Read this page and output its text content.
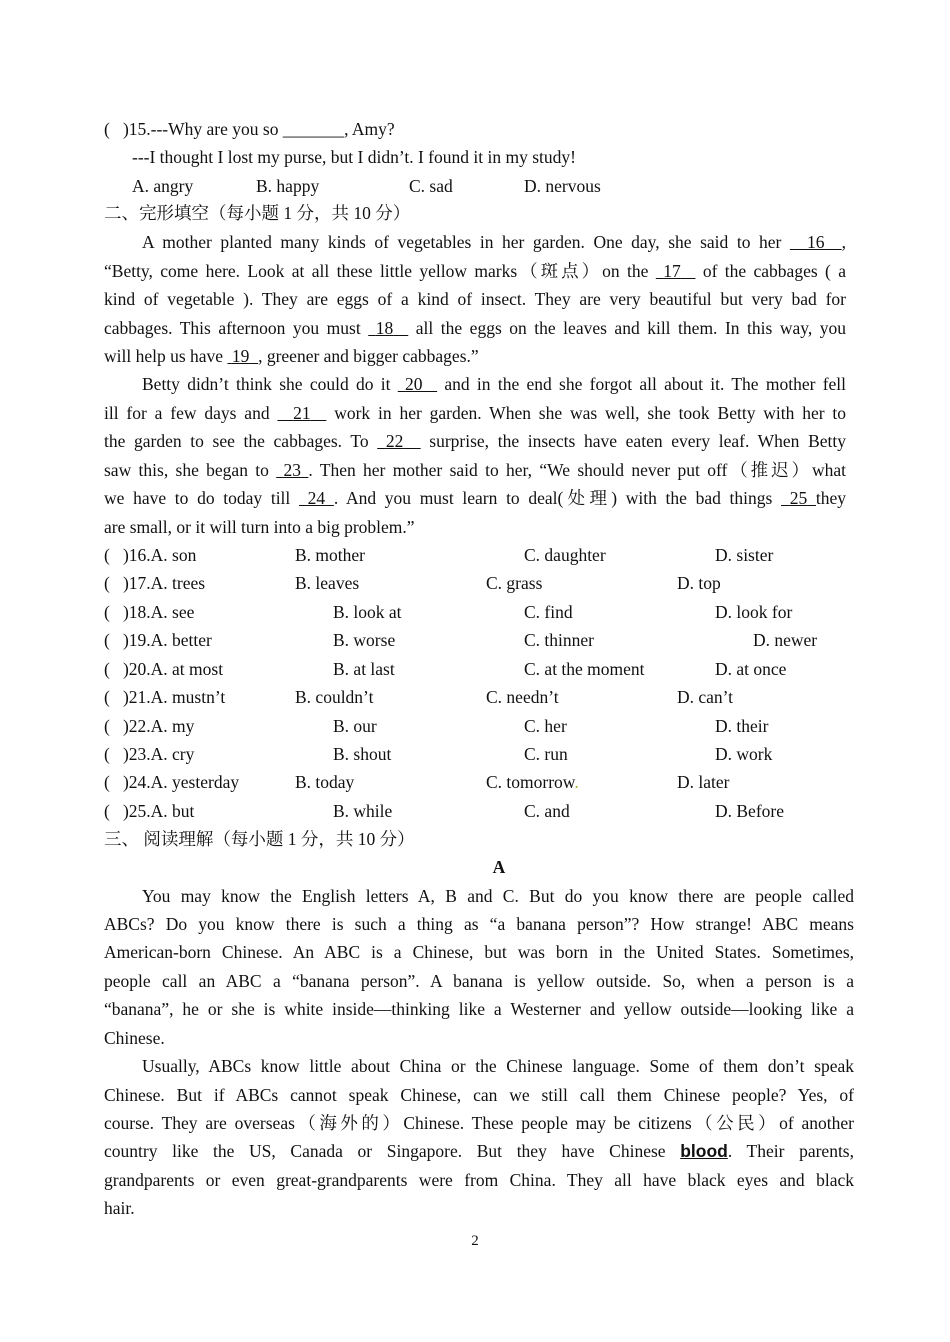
(   )15.---Why are you so _______, Amy?
---I thought I lost my purse, but I didn’t. I found it in my study!
A. angry	B. happy	C. sad	D. nervous
二、完形填空（每小题 1 分，共 10 分）
A mother planted many kinds of vegetables in her garden. One day, she said to her 16 ,
“Betty, come here. Look at all these little yellow marks（斑点）on the 17 of the cabbages ( a
kind of vegetable ). They are eggs of a kind of insect. They are very beautiful but very bad for
cabbages. This afternoon you must 18 all the eggs on the leaves and kill them. In this way, you
will help us have 19 , greener and bigger cabbages.”
Betty didn’t think she could do it 20 and in the end she forgot all about it. The mother fell
ill for a few days and 21 work in her garden. When she was well, she took Betty with her to
the garden to see the cabbages. To 22 surprise, the insects have eaten every leaf. When Betty
saw this, she began to 23 . Then her mother said to her, “We should never put off（推迟）what
we have to do today till 24 . And you must learn to deal(处理) with the bad things 25 they
are small, or it will turn into a big problem.”
(   )16.A. son	B. mother	C. daughter	D. sister
(   )17.A. trees	B. leaves	C. grass	D. top
(   )18.A. see	B. look at	C. find	D. look for
(   )19.A. better	B. worse	C. thinner	D. newer
(   )20.A. at most	B. at last	C. at the moment	D. at once
(   )21.A. mustn’t	B. couldn’t	C. needn’t	D. can’t
(   )22.A. my	B. our	C. her	D. their
(   )23.A. cry	B. shout	C. run	D. work
(   )24.A. yesterday	B. today	C. tomorrow.	D. later
(   )25.A. but	B. while	C. and	D. Before
三、 阅读理解（每小题 1 分，共 10 分）
A
You may know the English letters A, B and C. But do you know there are people called
ABCs? Do you know there is such a thing as “a banana person”? How strange! ABC means
American-born Chinese. An ABC is a Chinese, but was born in the United States. Sometimes,
people call an ABC a “banana person”. A banana is yellow outside. So, when a person is a
“banana”, he or she is white inside—thinking like a Westerner and yellow outside—looking like a
Chinese.
Usually, ABCs know little about China or the Chinese language. Some of them don’t speak
Chinese. But if ABCs cannot speak Chinese, can we still call them Chinese people? Yes, of
course. They are overseas（海外的）Chinese. These people may be citizens（公民）of another
country like the US, Canada or Singapore. But they have Chinese blood. Their parents,
grandparents or even great-grandparents were from China. They all have black eyes and black
hair.
2
